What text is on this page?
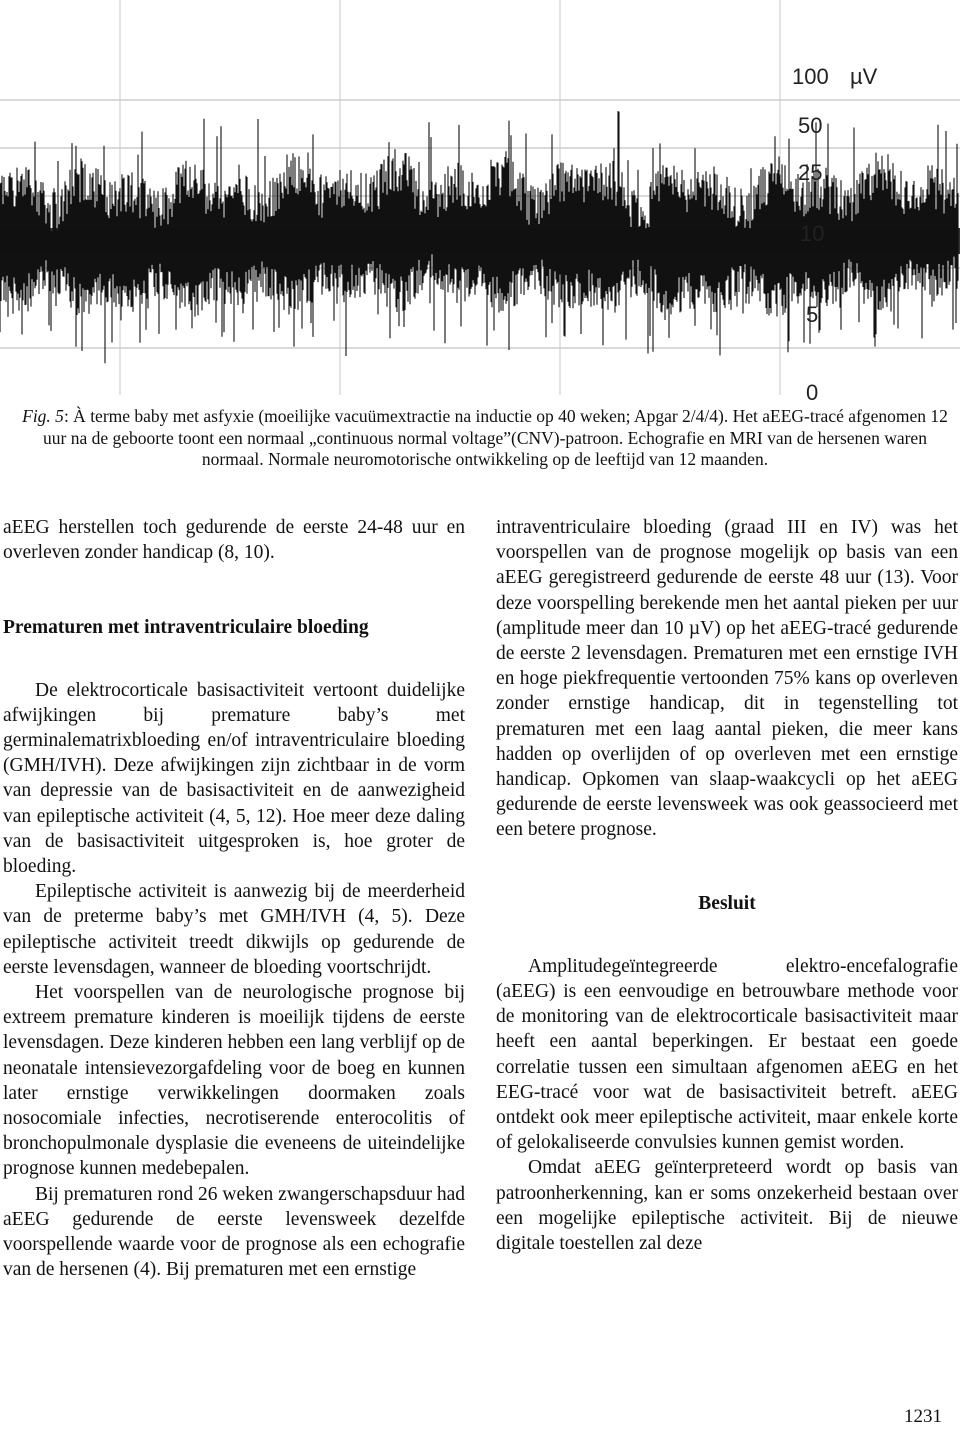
100 µV
50
25
10
5
0
Fig. 5: À terme baby met asfyxie (moeilijke vacuümextractie na inductie op 40 weken; Apgar 2/4/4). Het aEEG-tracé afgenomen 12 uur na de geboorte toont een normaal „continuous normal voltage”(CNV)-patroon. Echografie en MRI van de hersenen waren normaal. Normale neuromotorische ontwikkeling op de leeftijd van 12 maanden.

aEEG herstellen toch gedurende de eerste 24-48 uur en overleven zonder handicap (8, 10).

Prematuren met intraventriculaire bloeding

De elektrocorticale basisactiviteit vertoont duidelijke afwijkingen bij premature baby’s met germinalematrixbloeding en/of intraventriculaire bloeding (GMH/IVH). Deze afwijkingen zijn zichtbaar in de vorm van depressie van de basisactiviteit en de aanwezigheid van epileptische activiteit (4, 5, 12). Hoe meer deze daling van de basisactiviteit uitgesproken is, hoe groter de bloeding.

Epileptische activiteit is aanwezig bij de meerderheid van de preterme baby’s met GMH/IVH (4, 5). Deze epileptische activiteit treedt dikwijls op gedurende de eerste levensdagen, wanneer de bloeding voortschrijdt.

Het voorspellen van de neurologische prognose bij extreem premature kinderen is moeilijk tijdens de eerste levensdagen. Deze kinderen hebben een lang verblijf op de neonatale intensievezorgafdeling voor de boeg en kunnen later ernstige verwikkelingen doormaken zoals nosocomiale infecties, necrotiserende enterocolitis of bronchopulmonale dysplasie die eveneens de uiteindelijke prognose kunnen medebepalen.

Bij prematuren rond 26 weken zwangerschapsduur had aEEG gedurende de eerste levensweek dezelfde voorspellende waarde voor de prognose als een echografie van de hersenen (4). Bij prematuren met een ernstige

intraventriculaire bloeding (graad III en IV) was het voorspellen van de prognose mogelijk op basis van een aEEG geregistreerd gedurende de eerste 48 uur (13). Voor deze voorspelling berekende men het aantal pieken per uur (amplitude meer dan 10 µV) op het aEEG-tracé gedurende de eerste 2 levensdagen. Prematuren met een ernstige IVH en hoge piekfrequentie vertoonden 75% kans op overleven zonder ernstige handicap, dit in tegenstelling tot prematuren met een laag aantal pieken, die meer kans hadden op overlijden of op overleven met een ernstige handicap. Opkomen van slaap-waakcycli op het aEEG gedurende de eerste levensweek was ook geassocieerd met een betere prognose.

Besluit

Amplitudegeïntegreerde elektro-encefalografie (aEEG) is een eenvoudige en betrouwbare methode voor de monitoring van de elektrocorticale basisactiviteit maar heeft een aantal beperkingen. Er bestaat een goede correlatie tussen een simultaan afgenomen aEEG en het EEG-tracé voor wat de basisactiviteit betreft. aEEG ontdekt ook meer epileptische activiteit, maar enkele korte of gelokaliseerde convulsies kunnen gemist worden.

Omdat aEEG geïnterpreteerd wordt op basis van patroonherkenning, kan er soms onzekerheid bestaan over een mogelijke epileptische activiteit. Bij de nieuwe digitale toestellen zal deze

1231
